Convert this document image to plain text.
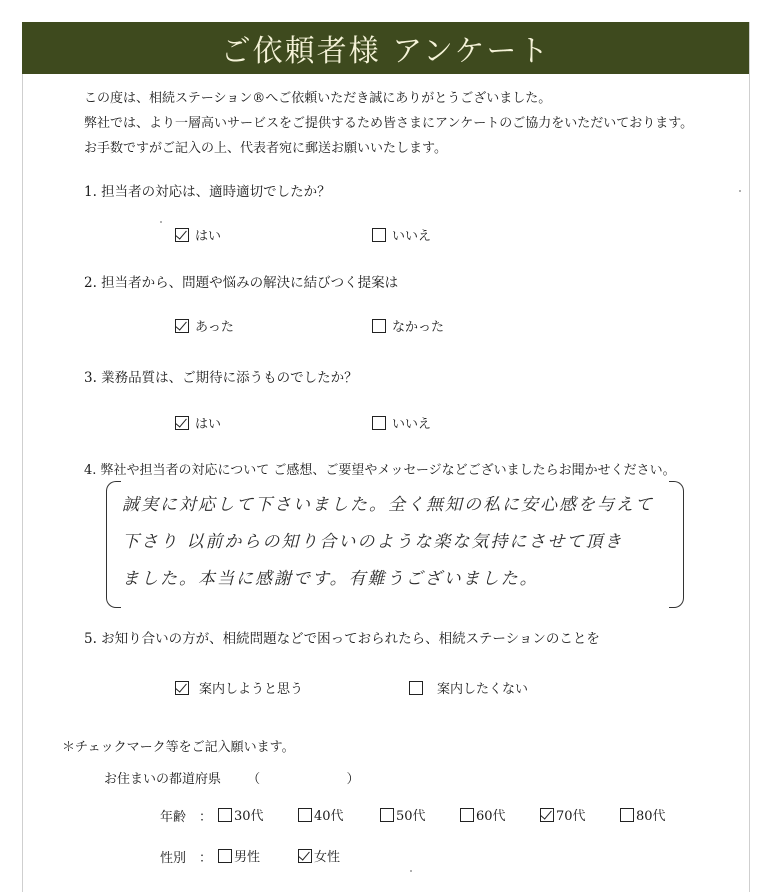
ご依頼者様 アンケート
この度は、相続ステーション®へご依頼いただき誠にありがとうございました。
弊社では、より一層高いサービスをご提供するため皆さまにアンケートのご協力をいただいております。
お手数ですがご記入の上、代表者宛に郵送お願いいたします。
1. 担当者の対応は、適時適切でしたか？
はい	いいえ
2. 担当者から、問題や悩みの解決に結びつく提案は
あった	なかった
3. 業務品質は、ご期待に添うものでしたか？
はい	いいえ
4. 弊社や担当者の対応について ご感想、ご要望やメッセージなどございましたらお聞かせください。
誠実に対応して下さいました。全く無知の私に安心感を与えて
下さり 以前からの知り合いのような楽な気持にさせて頂き
ました。本当に感謝です。有難うございました。
5. お知り合いの方が、相続問題などで困っておられたら、相続ステーションのことを
案内しようと思う	案内したくない
＊チェックマーク等をご記入願います。
お住まいの都道府県 （	）
年齢 ： 30代	40代	50代	60代	70代	80代
性別 ： 男性	女性
